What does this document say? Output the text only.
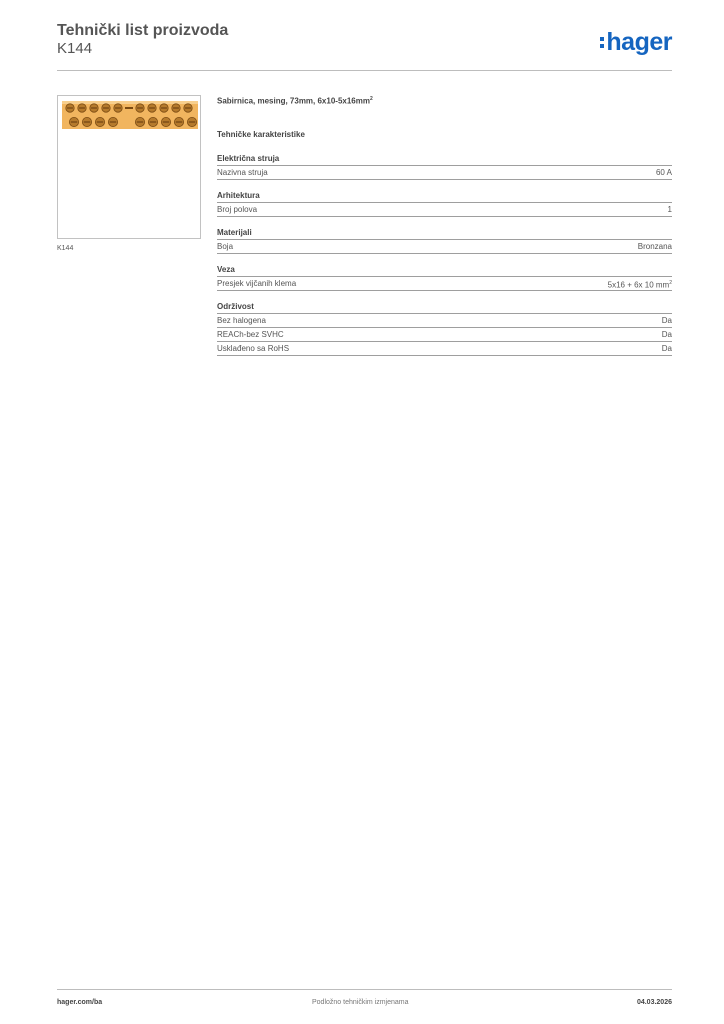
Tehnički list proizvoda
K144	hager
K144
Sabirnica, mesing, 73mm, $6x10-5x16mm^2$
Tehničke karakteristike
Električna struja
Nazivna struja	60 A
Arhitektura
Broj polova	1
Materijali
Boja	Bronzana
Veza
Presjek vijčanih klema	5x16 + 6x 10 $mm^2$
Održivost
Bez halogena	Da
REACh-bez SVHC	Da
Usklađeno sa RoHS	Da
hager.com/ba	Podložno tehničkim izmjenama	04.03.2026
